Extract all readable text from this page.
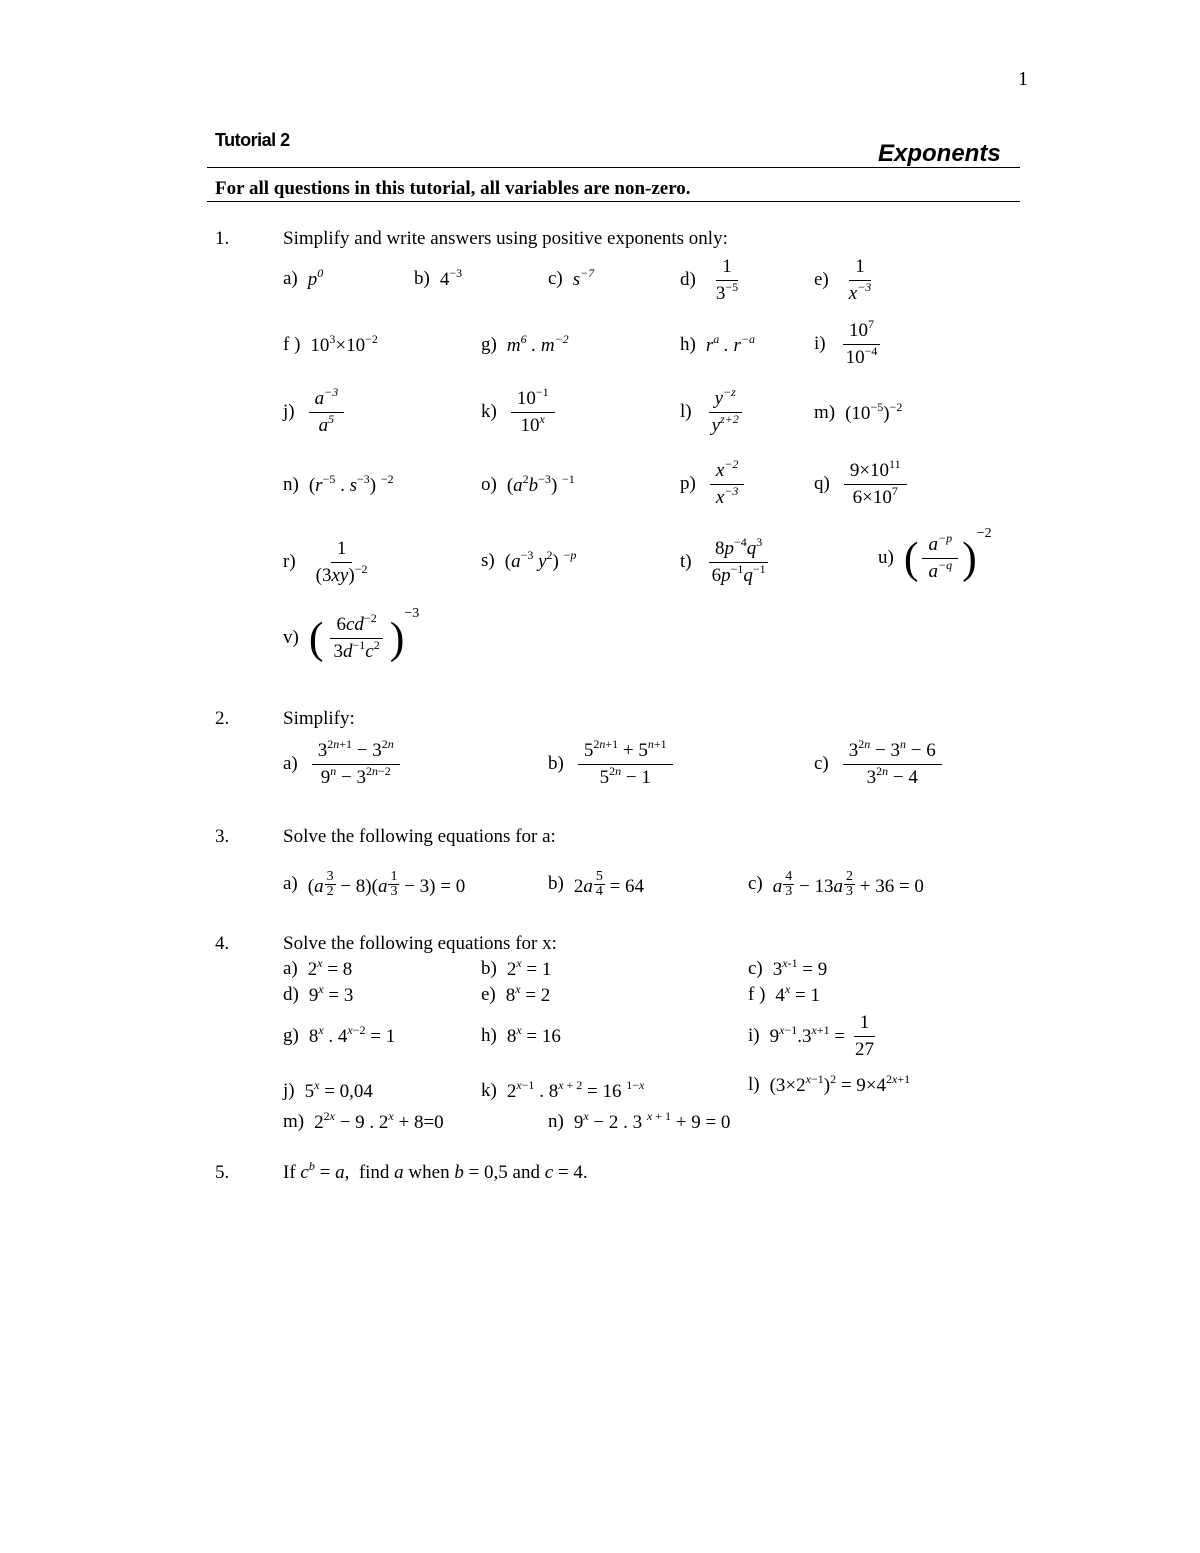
1
Tutorial 2	Exponents
For all questions in this tutorial, all variables are non-zero.
1.	Simplify and write answers using positive exponents only:
a) $p^0$	b) $4^{-3}$	c) $s^{-7}$	$d) \frac{1}{3^{-5}}$	$e) \frac{1}{x^{-3}}$
f ) $10^3\times 10^{-2}$	g) $m^6$ . $m^{-2}$	h) $r^a$ . $r^{-a}$	$i) \frac{10^7}{10^{-4}}$
$j) \frac{a^{-3}}{a^5}$	$k) \frac{10^{-1}}{10^x}$	$l) \frac{y^{-z}}{y^{z+2}}$	m) $(10^{-5})^{-2}$
n) ($r^{-5}$ . $s^{-3}$) $^{-2}$	o) $(a^2b^{-3})$ $^{-1}$	$p) \frac{x^{-2}}{x^{-3}}$	$q) \frac{9\times 10^{11}}{6\times 10^7}$
$r) \frac{1}{(3xy)^{-2}}$	s) ($a^{-3}$ $y^2$) $^{-p}$	$t) \frac{8p^{-4}q^3}{6p^{-1}q^{-1}}$	u) ( $\frac{a^{-p}}{a^{-q}} )^{-2}$
v) ( $\frac{6cd^{-2}}{3d^{-1}c^2} )^{-3}$
2.	Simplify:
$a) \frac{3^{2n+1} - 3^{2n}}{9^n - 3^{2n-2}}$	$b) \frac{5^{2n+1} + 5^{n+1}}{5^{2n} - 1}$	$c) \frac{3^{2n} - 3^n - 6}{3^{2n} - 4}$
3.	Solve the following equations for a:
a) $(a \frac{3}{2} - 8)(a \frac{1}{3} - 3) = 0$	b) $2a \frac{5}{4} = 64$	c) a $\frac{4}{3} - 13a \frac{2}{3} + 36 = 0$
4.	Solve the following equations for x:
a) $2^x = 8$	b) $2^x = 1$	c) $3^{x-1} = 9$
d) $9^x = 3$	e) $8^x = 2$	f ) $4^x = 1$
g) 8$^x$ . $4^{x-2} = 1$	h) $8^x = 16$	i) $9^{x-1}.3^{x+1} = \frac{1}{27}$
j) $5^x = 0,04$	k) $2^{x-1}$ . $8^{x + 2} = 16$ $^{1-x}$	l) $(3\times 2^{x-1})^2 = 9\times 4^{2x+1}$
m) $2^{2x} - 9$ . $2^x + 8=0$	n) $9^x - 2$ . 3 $^{x + 1}$ + 9 = 0
5.	If $c^b = a$,  find a when b = 0,5 and c = 4.
